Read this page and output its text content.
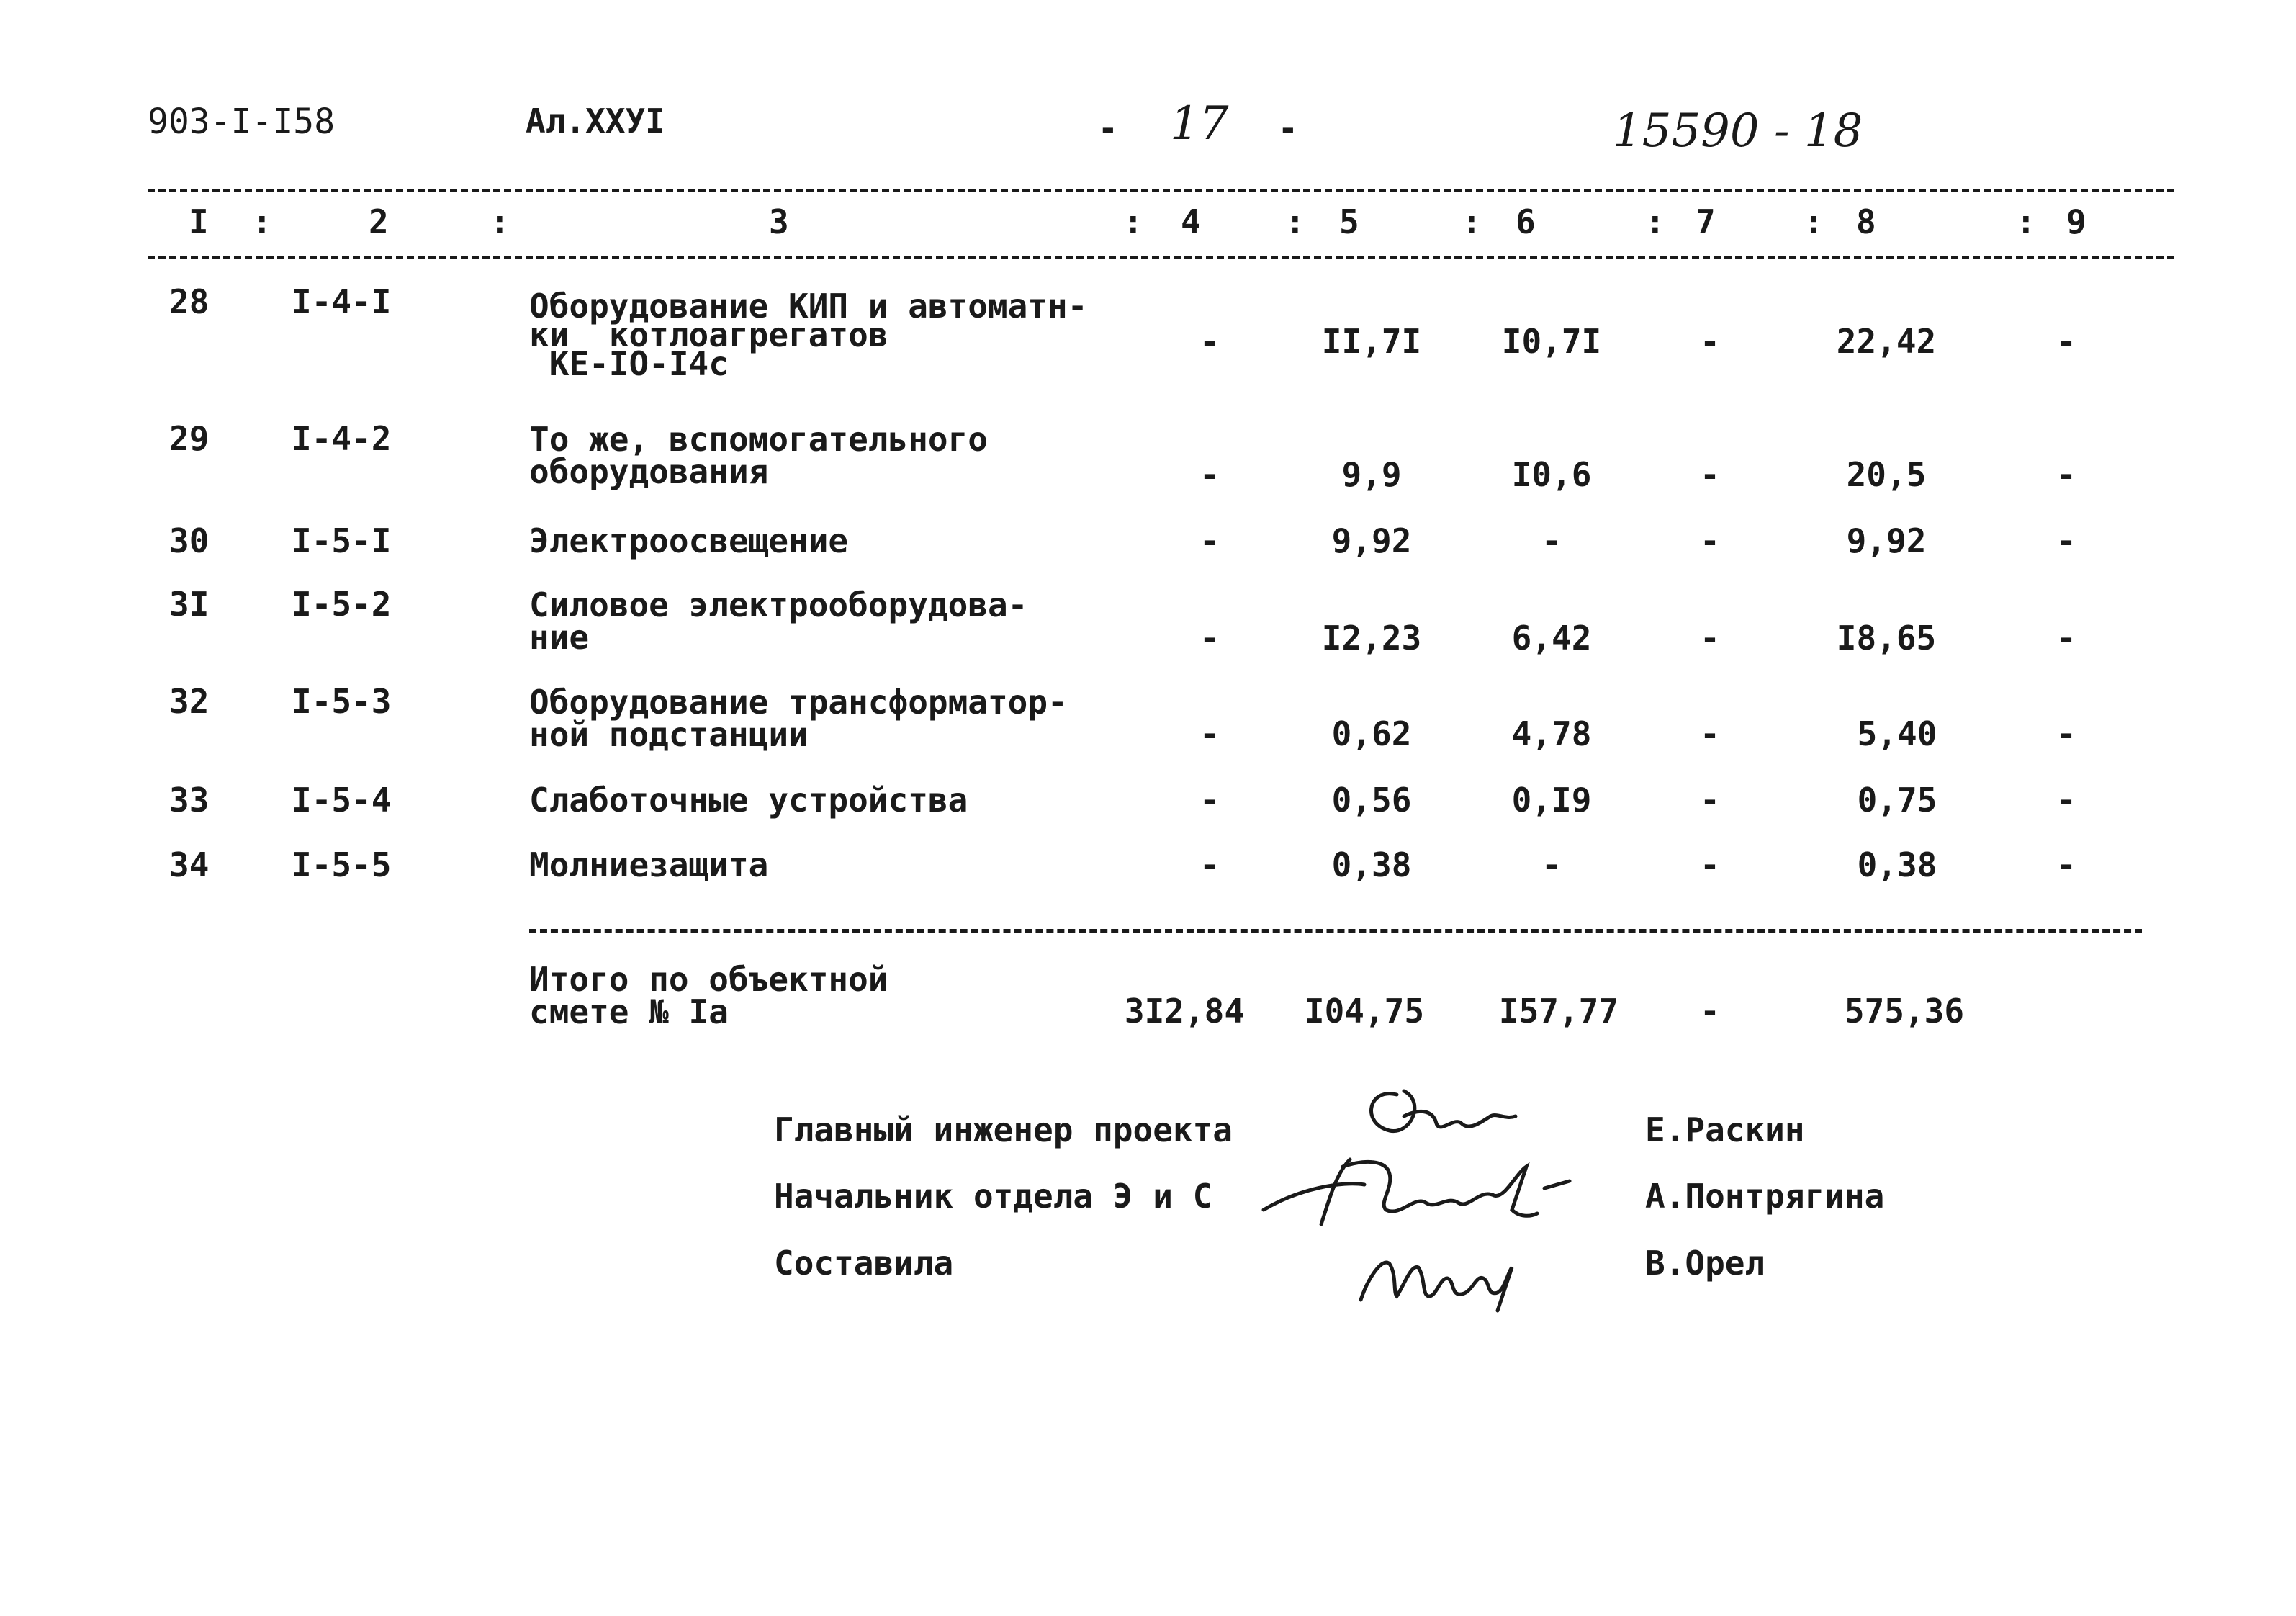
903-I-I58	Ал.XXУI	- 17 -	15590 - 18
I :	2	:	3	: 4	: 5	: 6	: 7	: 8	: 9
28 I-4-I	Оборудование КИП и автоматн-
ки  котлоагрегатов
КЕ-IO-I4с
-	II,7I	I0,7I	-	22,42	-
29 I-4-2	То же, вспомогательного
оборудования	-	9,9	I0,6	-	20,5	-
30 I-5-I	Электроосвещение	-	9,92	-	-	9,92	-
3I I-5-2	Силовое электрооборудова-
ние	-	I2,23	6,42	-	I8,65	-
32 I-5-3	Оборудование трансформатор-
ной подстанции	-	0,62	4,78	-	5,40	-
33 I-5-4	Слаботочные устройства	-	0,56	0,I9	-	0,75	-
34 I-5-5	Молниезащита	-	0,38	-	-	0,38	-
Итого по объектной
смете № Iа	3I2,84	I04,75	I57,77	-	575,36
Главный инженер проекта	Е.Раскин
Начальник отдела Э и С	А.Понтрягина
Составила	В.Орел
